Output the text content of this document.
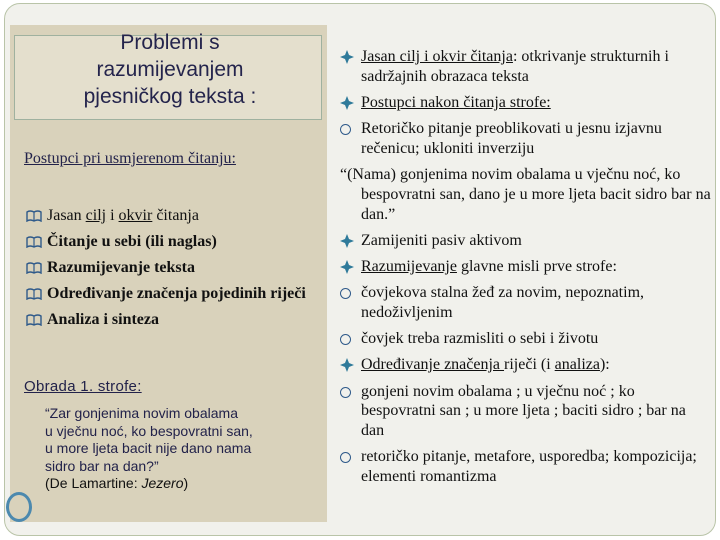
Problemi s razumijevanjem pjesničkog teksta :
Postupci pri usmjerenom čitanju:
Jasan cilj i okvir čitanja
Čitanje u sebi (ili naglas)
Razumijevanje teksta
Određivanje značenja pojedinih riječi
Analiza i sinteza
Obrada 1. strofe:
“Zar gonjenima novim obalama
u vječnu noć, ko bespovratni san,
u more ljeta bacit nije dano nama
sidro bar na dan?”
(De Lamartine: Jezero)
Jasan cilj i okvir čitanja: otkrivanje strukturnih i sadržajnih obrazaca teksta
Postupci nakon čitanja strofe:
Retoričko pitanje preoblikovati u jesnu izjavnu rečenicu; ukloniti inverziju
“(Nama) gonjenima novim obalama u vječnu noć, ko bespovratni san, dano je u more ljeta bacit sidro bar na dan.”
Zamijeniti pasiv aktivom
Razumijevanje glavne misli prve strofe:
čovjekova stalna žeđ za novim, nepoznatim, nedoživljenim
čovjek treba razmisliti o sebi i životu
Određivanje značenja riječi (i analiza):
gonjeni novim obalama ; u vječnu noć ; ko bespovratni san ; u more ljeta ; baciti sidro ; bar na dan
retoričko pitanje, metafore, usporedba; kompozicija; elementi romantizma
